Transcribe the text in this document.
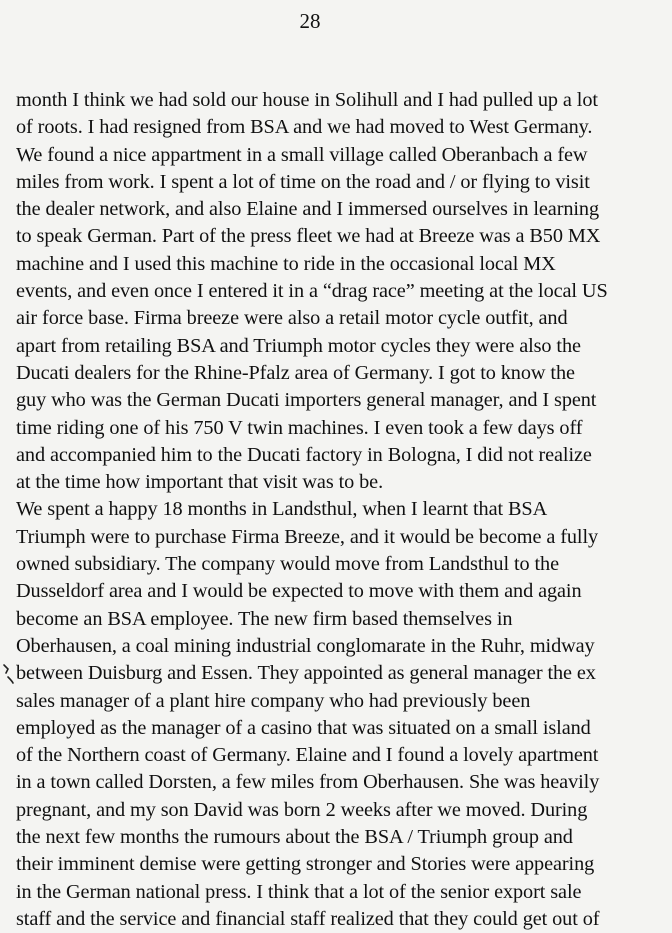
28
month I think we had sold our house in Solihull and I had pulled up a lot
of roots. I had resigned from BSA and we had moved to West Germany.
We found a nice appartment in a small village called Oberanbach a few
miles from work. I spent a lot of time on the road and / or flying to visit
the dealer network, and also Elaine and I immersed ourselves in learning
to speak German. Part of the press fleet we had at Breeze was a B50 MX
machine and I used this machine to ride in the occasional local MX
events, and even once I entered it in a “drag race” meeting at the local US
air force base. Firma breeze were also a retail motor cycle outfit, and
apart from retailing BSA and Triumph motor cycles they were also the
Ducati dealers for the Rhine-Pfalz area of Germany. I got to know the
guy who was the German Ducati importers general manager, and I spent
time riding one of his 750 V twin machines. I even took a few days off
and accompanied him to the Ducati factory in Bologna, I did not realize
at the time how important that visit was to be.
We spent a happy 18 months in Landsthul, when I learnt that BSA
Triumph were to purchase Firma Breeze, and it would be become a fully
owned subsidiary. The company would move from Landsthul to the
Dusseldorf area and I would be expected to move with them and again
become an BSA employee. The new firm based themselves in
Oberhausen, a coal mining industrial conglomarate in the Ruhr, midway
between Duisburg and Essen. They appointed as general manager the ex
sales manager of a plant hire company who had previously been
employed as the manager of a casino that was situated on a small island
of the Northern coast of Germany. Elaine and I found a lovely apartment
in a town called Dorsten, a few miles from Oberhausen. She was heavily
pregnant, and my son David was born 2 weeks after we moved. During
the next few months the rumours about the BSA / Triumph group and
their imminent demise were getting stronger and Stories were appearing
in the German national press. I think that a lot of the senior export sale
staff and the service and financial staff realized that they could get out of
